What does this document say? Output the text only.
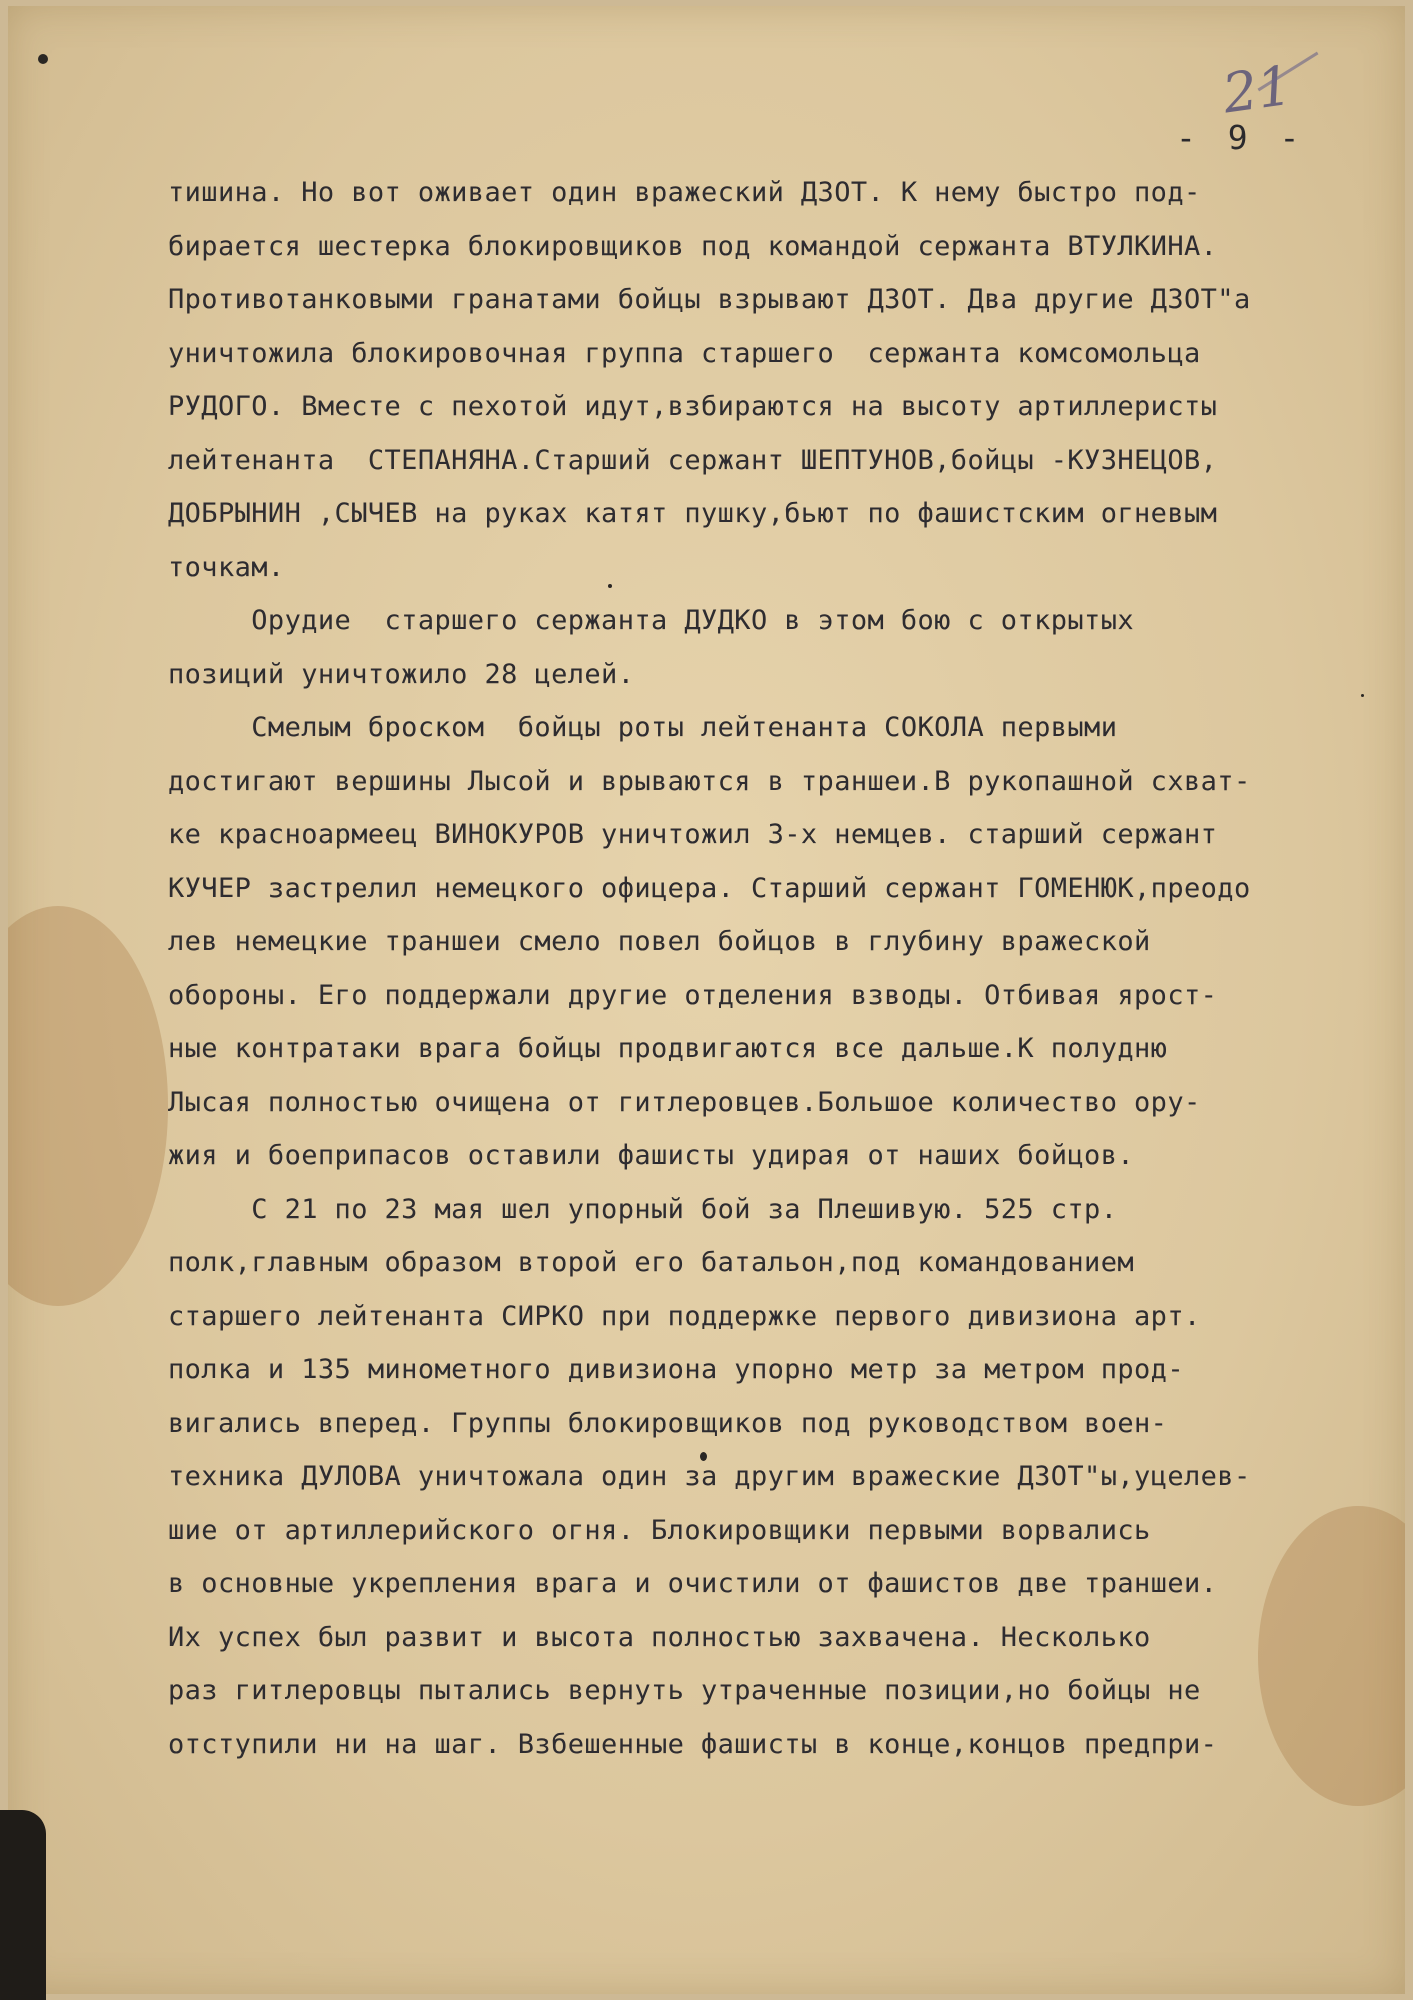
21
- 9 -
тишина. Но вот оживает один вражеский ДЗОТ. К нему быстро под-
бирается шестерка блокировщиков под командой сержанта ВТУЛКИНА.
Противотанковыми гранатами бойцы взрывают ДЗОТ. Два другие ДЗОТ"а
уничтожила блокировочная группа старшего  сержанта комсомольца
РУДОГО. Вместе с пехотой идут,взбираются на высоту артиллеристы
лейтенанта  СТЕПАНЯНА.Старший сержант ШЕПТУНОВ,бойцы -КУЗНЕЦОВ,
ДОБРЫНИН ,СЫЧЕВ на руках катят пушку,бьют по фашистским огневым
точкам.
Орудие  старшего сержанта ДУДКО в этом бою с открытых
позиций уничтожило 28 целей.
Смелым броском  бойцы роты лейтенанта СОКОЛА первыми
достигают вершины Лысой и врываются в траншеи.В рукопашной схват-
ке красноармеец ВИНОКУРОВ уничтожил 3-х немцев. старший сержант
КУЧЕР застрелил немецкого офицера. Старший сержант ГОМЕНЮК,преодо
лев немецкие траншеи смело повел бойцов в глубину вражеской
обороны. Его поддержали другие отделения взводы. Отбивая ярост-
ные контратаки врага бойцы продвигаются все дальше.К полудню
Лысая полностью очищена от гитлеровцев.Большое количество ору-
жия и боеприпасов оставили фашисты удирая от наших бойцов.
С 21 по 23 мая шел упорный бой за Плешивую. 525 стр.
полк,главным образом второй его батальон,под командованием
старшего лейтенанта СИРКО при поддержке первого дивизиона арт.
полка и 135 минометного дивизиона упорно метр за метром прод-
вигались вперед. Группы блокировщиков под руководством воен-
техника ДУЛОВА уничтожала один за другим вражеские ДЗОТ"ы,уцелев-
шие от артиллерийского огня. Блокировщики первыми ворвались
в основные укрепления врага и очистили от фашистов две траншеи.
Их успех был развит и высота полностью захвачена. Несколько
раз гитлеровцы пытались вернуть утраченные позиции,но бойцы не
отступили ни на шаг. Взбешенные фашисты в конце,концов предпри-
